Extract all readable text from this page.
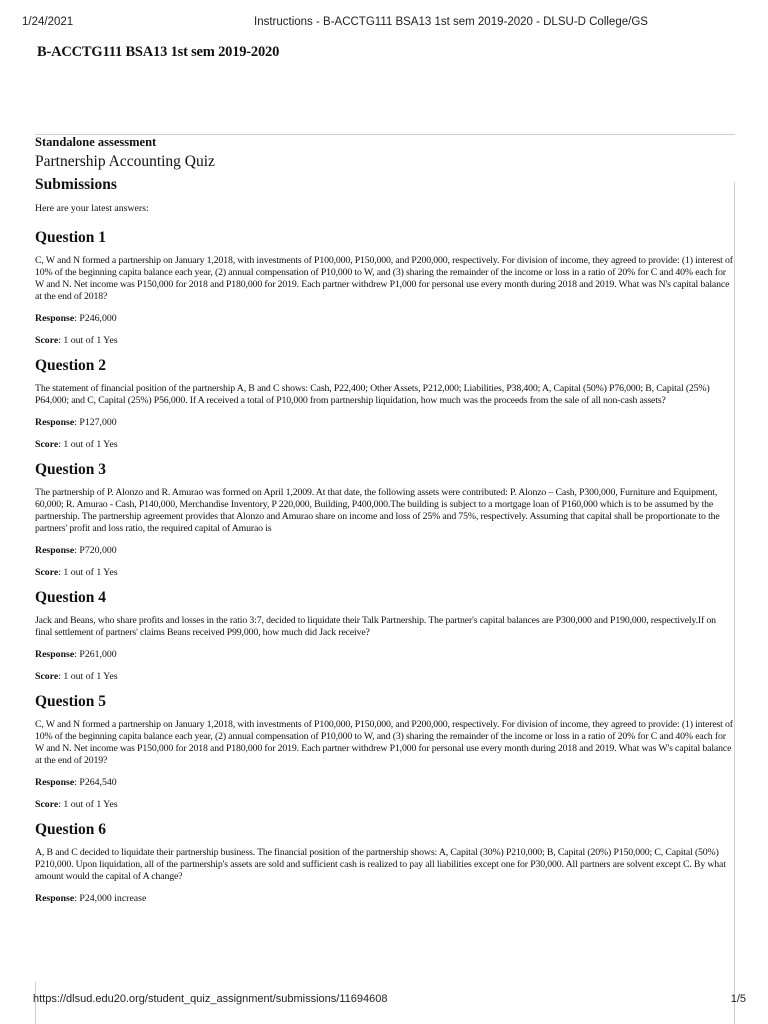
1/24/2021	Instructions - B-ACCTG111 BSA13 1st sem 2019-2020 - DLSU-D College/GS
B-ACCTG111 BSA13 1st sem 2019-2020
Standalone assessment
Partnership Accounting Quiz
Submissions

Here are your latest answers:

Question 1

C, W and N formed a partnership on January 1,2018, with investments of P100,000, P150,000, and P200,000, respectively. For division of income, they agreed to provide: (1) interest of 10% of the beginning capita balance each year, (2) annual compensation of P10,000 to W, and (3) sharing the remainder of the income or loss in a ratio of 20% for C and 40% each for W and N. Net income was P150,000 for 2018 and P180,000 for 2019. Each partner withdrew P1,000 for personal use every month during 2018 and 2019. What was N's capital balance at the end of 2018?

Response: P246,000

Score: 1 out of 1 Yes

Question 2

The statement of financial position of the partnership A, B and C shows: Cash, P22,400; Other Assets, P212,000; Liabilities, P38,400; A, Capital (50%) P76,000; B, Capital (25%) P64,000; and C, Capital (25%) P56,000. If A received a total of P10,000 from partnership liquidation, how much was the proceeds from the sale of all non-cash assets?

Response: P127,000

Score: 1 out of 1 Yes

Question 3

The partnership of P. Alonzo and R. Amurao was formed on April 1,2009. At that date, the following assets were contributed: P. Alonzo – Cash, P300,000, Furniture and Equipment, 60,000; R. Amurao - Cash, P140,000, Merchandise Inventory, P 220,000, Building, P400,000.The building is subject to a mortgage loan of P160,000 which is to be assumed by the partnership. The partnership agreement provides that Alonzo and Amurao share on income and loss of 25% and 75%, respectively. Assuming that capital shall be proportionate to the partners' profit and loss ratio, the required capital of Amurao is

Response: P720,000

Score: 1 out of 1 Yes

Question 4

Jack and Beans, who share profits and losses in the ratio 3:7, decided to liquidate their Talk Partnership. The partner's capital balances are P300,000 and P190,000, respectively.If on final settlement of partners' claims Beans received P99,000, how much did Jack receive?

Response: P261,000

Score: 1 out of 1 Yes

Question 5

C, W and N formed a partnership on January 1,2018, with investments of P100,000, P150,000, and P200,000, respectively. For division of income, they agreed to provide: (1) interest of 10% of the beginning capita balance each year, (2) annual compensation of P10,000 to W, and (3) sharing the remainder of the income or loss in a ratio of 20% for C and 40% each for W and N. Net income was P150,000 for 2018 and P180,000 for 2019. Each partner withdrew P1,000 for personal use every month during 2018 and 2019. What was W's capital balance at the end of 2019?

Response: P264,540

Score: 1 out of 1 Yes

Question 6

A, B and C decided to liquidate their partnership business. The financial position of the partnership shows: A, Capital (30%) P210,000; B, Capital (20%) P150,000; C, Capital (50%) P210,000. Upon liquidation, all of the partnership's assets are sold and sufficient cash is realized to pay all liabilities except one for P30,000. All partners are solvent except C. By what amount would the capital of A change?

Response: P24,000 increase

https://dlsud.edu20.org/student_quiz_assignment/submissions/11694608	1/5
